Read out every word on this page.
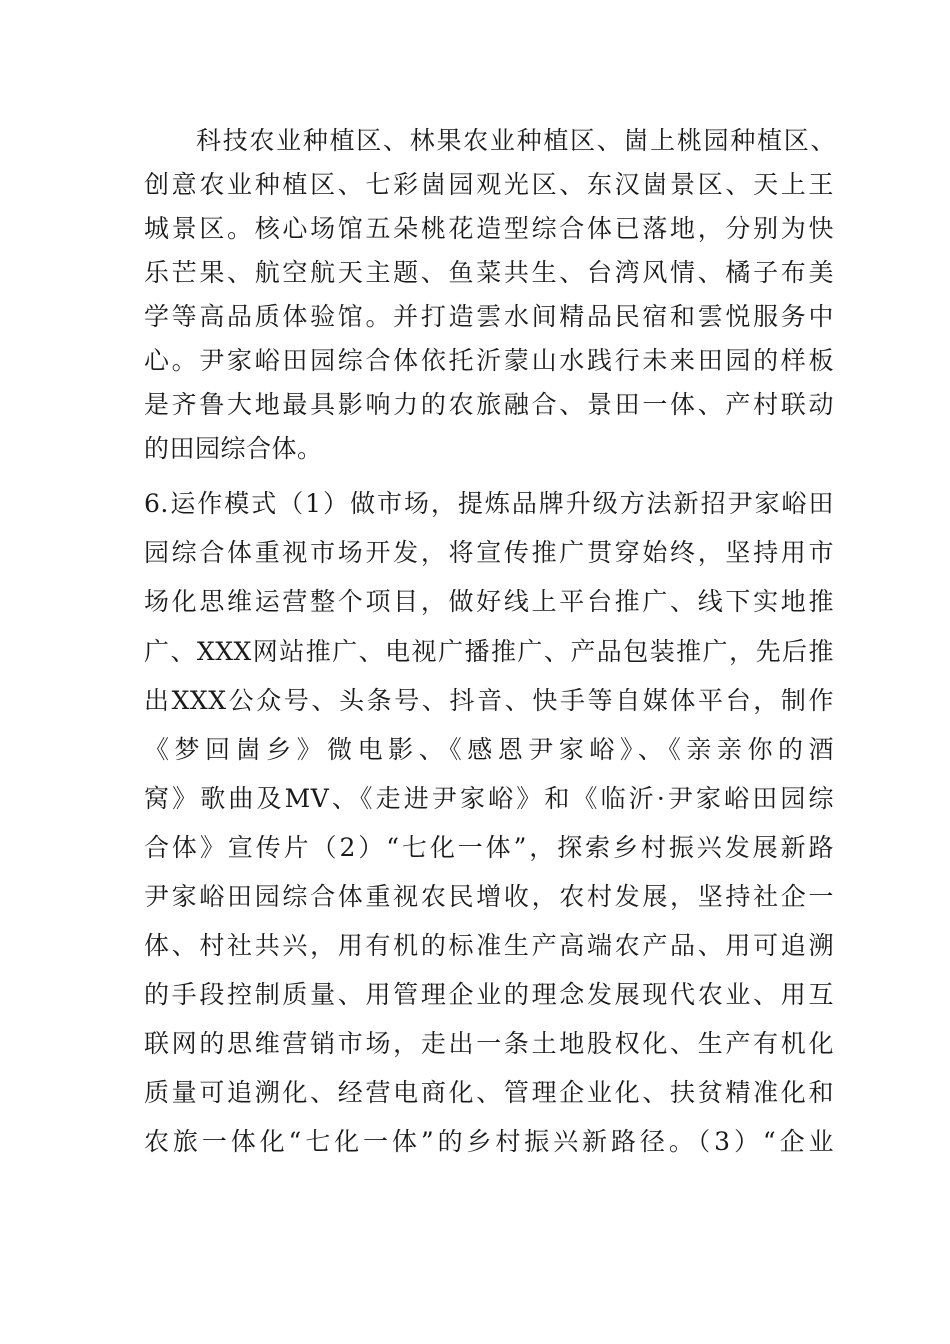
科技农业种植区、林果农业种植区、崮上桃园种植区、
创意农业种植区、七彩崮园观光区、东汉崮景区、天上王
城景区。核心场馆五朵桃花造型综合体已落地，分别为快
乐芒果、航空航天主题、鱼菜共生、台湾风情、橘子布美
学等高品质体验馆。并打造雲水间精品民宿和雲悦服务中
心。尹家峪田园综合体依托沂蒙山水践行未来田园的样板
是齐鲁大地最具影响力的农旅融合、景田一体、产村联动
的田园综合体。
6.运作模式（1）做市场，提炼品牌升级方法新招尹家峪田
园综合体重视市场开发，将宣传推广贯穿始终，坚持用市
场化思维运营整个项目，做好线上平台推广、线下实地推
广、XXX网站推广、电视广播推广、产品包装推广，先后推
出XXX公众号、头条号、抖音、快手等自媒体平台，制作
《梦回崮乡》微电影、《感恩尹家峪》、《亲亲你的酒
窝》歌曲及MV、《走进尹家峪》和《临沂·尹家峪田园综
合体》宣传片（2）“七化一体”，探索乡村振兴发展新路
尹家峪田园综合体重视农民增收，农村发展，坚持社企一
体、村社共兴，用有机的标准生产高端农产品、用可追溯
的手段控制质量、用管理企业的理念发展现代农业、用互
联网的思维营销市场，走出一条土地股权化、生产有机化
质量可追溯化、经营电商化、管理企业化、扶贫精准化和
农旅一体化“七化一体”的乡村振兴新路径。（3）“企业
